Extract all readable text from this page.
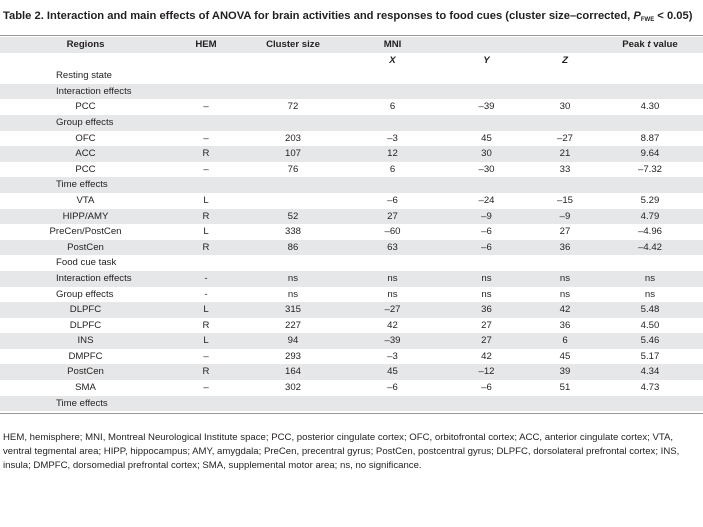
Table 2. Interaction and main effects of ANOVA for brain activities and responses to food cues (cluster size–corrected, $P_{FWE} < 0.05$)
Regions	HEM	Cluster size	MNI			Peak t value
			X	Y	Z	
Resting state						
Interaction effects						
PCC	–	72	6	–39	30	4.30
Group effects						
OFC	–	203	–3	45	–27	8.87
ACC	R	107	12	30	21	9.64
PCC	–	76	6	–30	33	–7.32
Time effects						
VTA	L		–6	–24	–15	5.29
HIPP/AMY	R	52	27	–9	–9	4.79
PreCen/PostCen	L	338	–60	–6	27	–4.96
PostCen	R	86	63	–6	36	–4.42
Food cue task						
Interaction effects	-	ns	ns	ns	ns	ns
Group effects	-	ns	ns	ns	ns	ns
DLPFC	L	315	–27	36	42	5.48
DLPFC	R	227	42	27	36	4.50
INS	L	94	–39	27	6	5.46
DMPFC	–	293	–3	42	45	5.17
PostCen	R	164	45	–12	39	4.34
SMA	–	302	–6	–6	51	4.73
Time effects						
HEM, hemisphere; MNI, Montreal Neurological Institute space; PCC, posterior cingulate cortex; OFC, orbitofrontal cortex; ACC, anterior cingulate cortex; VTA, ventral tegmental area; HIPP, hippocampus; AMY, amygdala; PreCen, precentral gyrus; PostCen, postcentral gyrus; DLPFC, dorsolateral prefrontal cortex; INS, insula; DMPFC, dorsomedial prefrontal cortex; SMA, supplemental motor area; ns, no significance.
